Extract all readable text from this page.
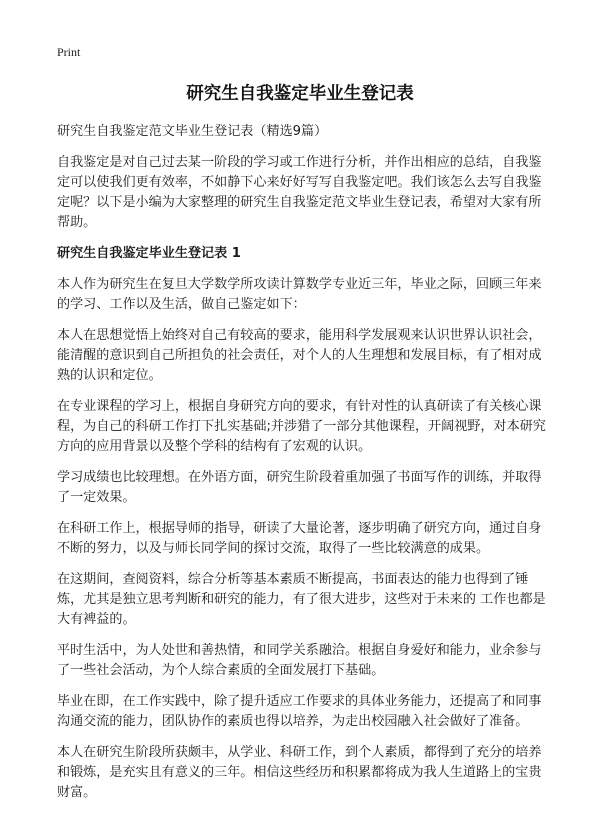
Print
研究生自我鉴定毕业生登记表

研究生自我鉴定范文毕业生登记表（精选9篇）

自我鉴定是对自己过去某一阶段的学习或工作进行分析，并作出相应的总结，自我鉴定可以使我们更有效率，不如静下心来好好写写自我鉴定吧。我们该怎么去写自我鉴定呢？以下是小编为大家整理的研究生自我鉴定范文毕业生登记表，希望对大家有所帮助。

研究生自我鉴定毕业生登记表 1

本人作为研究生在复旦大学数学所攻读计算数学专业近三年，毕业之际，回顾三年来的学习、工作以及生活，做自己鉴定如下：

本人在思想觉悟上始终对自己有较高的要求，能用科学发展观来认识世界认识社会，能清醒的意识到自己所担负的社会责任，对个人的人生理想和发展目标，有了相对成熟的认识和定位。

在专业课程的学习上，根据自身研究方向的要求，有针对性的认真研读了有关核心课程，为自己的科研工作打下扎实基础;并涉猎了一部分其他课程，开阔视野，对本研究方向的应用背景以及整个学科的结构有了宏观的认识。

学习成绩也比较理想。在外语方面，研究生阶段着重加强了书面写作的训练，并取得了一定效果。

在科研工作上，根据导师的指导，研读了大量论著，逐步明确了研究方向，通过自身不断的努力，以及与师长同学间的探讨交流，取得了一些比较满意的成果。

在这期间，查阅资料，综合分析等基本素质不断提高，书面表达的能力也得到了锤炼，尤其是独立思考判断和研究的能力，有了很大进步，这些对于未来的 工作也都是大有裨益的。

平时生活中，为人处世和善热情，和同学关系融洽。根据自身爱好和能力，业余参与了一些社会活动，为个人综合素质的全面发展打下基础。

毕业在即，在工作实践中，除了提升适应工作要求的具体业务能力，还提高了和同事沟通交流的能力，团队协作的素质也得以培养，为走出校园融入社会做好了准备。

本人在研究生阶段所获颇丰，从学业、科研工作，到个人素质，都得到了充分的培养和锻炼，是充实且有意义的三年。相信这些经历和积累都将成为我人生道路上的宝贵财富。
